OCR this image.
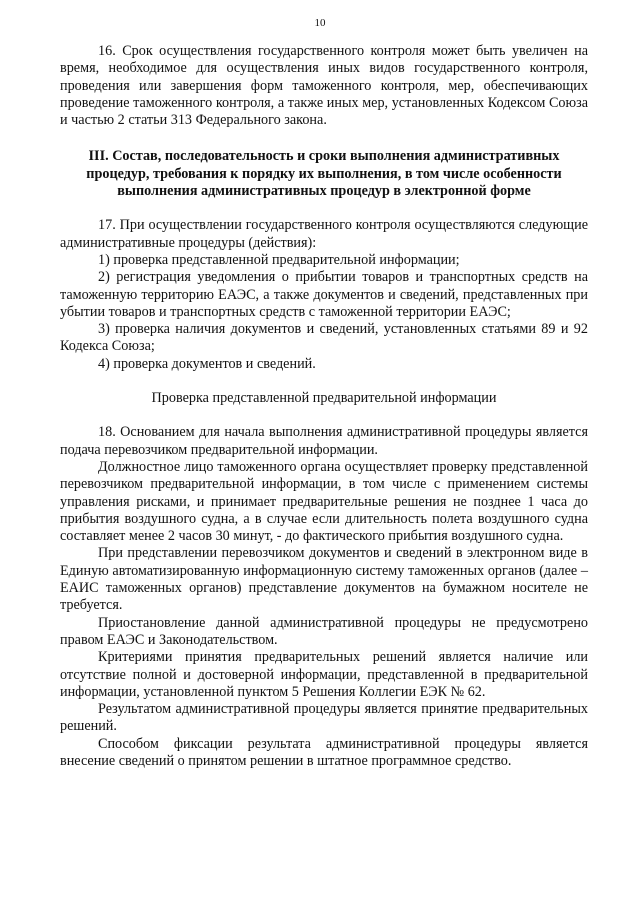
10

16. Срок осуществления государственного контроля может быть увеличен на время, необходимое для осуществления иных видов государственного контроля, проведения или завершения форм таможенного контроля, мер, обеспечивающих проведение таможенного контроля, а также иных мер, установленных Кодексом Союза и частью 2 статьи 313 Федерального закона.

III. Состав, последовательность и сроки выполнения административных процедур, требования к порядку их выполнения, в том числе особенности выполнения административных процедур в электронной форме

17. При осуществлении государственного контроля осуществляются следующие административные процедуры (действия):

1) проверка представленной предварительной информации;

2) регистрация уведомления о прибытии товаров и транспортных средств на таможенную территорию ЕАЭС, а также документов и сведений, представленных при убытии товаров и транспортных средств с таможенной территории ЕАЭС;

3) проверка наличия документов и сведений, установленных статьями 89 и 92 Кодекса Союза;

4) проверка документов и сведений.

Проверка представленной предварительной информации

18. Основанием для начала выполнения административной процедуры является подача перевозчиком предварительной информации.

Должностное лицо таможенного органа осуществляет проверку представленной перевозчиком предварительной информации, в том числе с применением системы управления рисками, и принимает предварительные решения не позднее 1 часа до прибытия воздушного судна, а в случае если длительность полета воздушного судна составляет менее 2 часов 30 минут, - до фактического прибытия воздушного судна.

При представлении перевозчиком документов и сведений в электронном виде в Единую автоматизированную информационную систему таможенных органов (далее – ЕАИС таможенных органов) представление документов на бумажном носителе не требуется.

Приостановление данной административной процедуры не предусмотрено правом ЕАЭС и Законодательством.

Критериями принятия предварительных решений является наличие или отсутствие полной и достоверной информации, представленной в предварительной информации, установленной пунктом 5 Решения Коллегии ЕЭК № 62.

Результатом административной процедуры является принятие предварительных решений.

Способом фиксации результата административной процедуры является внесение сведений о принятом решении в штатное программное средство.
